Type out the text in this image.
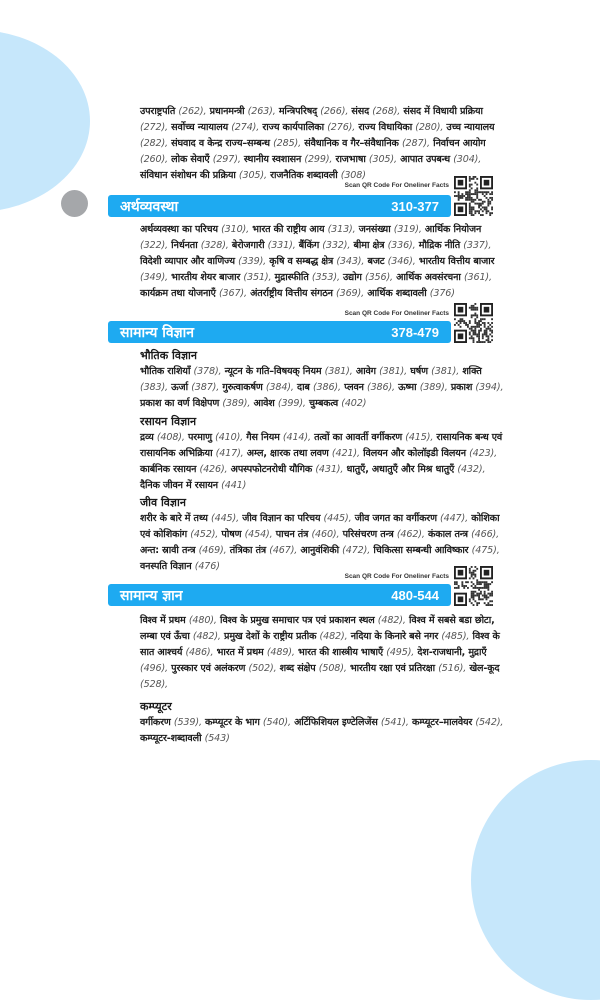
उपराष्ट्रपति (262), प्रधानमन्त्री (263), मन्त्रिपरिषद् (266), संसद (268), संसद में विधायी प्रक्रिया (272), सर्वोच्च न्यायालय (274), राज्य कार्यपालिका (276), राज्य विधायिका (280), उच्च न्यायालय (282), संघवाद व केन्द्र राज्य–सम्बन्ध (285), संवैधानिक व गैर–संवैधानिक (287), निर्वाचन आयोग (260), लोक सेवाएँ (297), स्थानीय स्वशासन (299), राजभाषा (305), आपात उपबन्ध (304), संविधान संशोधन की प्रक्रिया (305), राजनैतिक शब्दावली (308)
Scan QR Code For Oneliner Facts
अर्थव्यवस्था	310-377
अर्थव्यवस्था का परिचय (310), भारत की राष्ट्रीय आय (313), जनसंख्या (319), आर्थिक नियोजन (322), निर्धनता (328), बेरोजगारी (331), बैंकिंग (332), बीमा क्षेत्र (336), मौद्रिक नीति (337), विदेशी व्यापार और वाणिज्य (339), कृषि व सम्बद्ध क्षेत्र (343), बजट (346), भारतीय वित्तीय बाजार (349), भारतीय शेयर बाजार (351), मुद्रास्फीति (353), उद्योग (356), आर्थिक अवसंरचना (361), कार्यक्रम तथा योजनाएँ (367), अंतर्राष्ट्रीय वित्तीय संगठन (369), आर्थिक शब्दावली (376)
Scan QR Code For Oneliner Facts
सामान्य विज्ञान	378-479
भौतिक विज्ञान
भौतिक राशियाँ (378), न्यूटन के गति–विषयक् नियम (381), आवेग (381), घर्षण (381), शक्ति (383), ऊर्जा (387), गुरुत्वाकर्षण (384), दाब (386), प्लवन (386), ऊष्मा (389), प्रकाश (394), प्रकाश का वर्ण विक्षेपण (389), आवेश (399), चुम्बकत्व (402)
रसायन विज्ञान
द्रव्य (408), परमाणु (410), गैस नियम (414), तत्वों का आवर्ती वर्गीकरण (415), रासायनिक बन्ध एवं रासायनिक अभिक्रिया (417), अम्ल, क्षारक तथा लवण (421), विलयन और कोलॉइडी विलयन (423), कार्बनिक रसायन (426), अपस्पफोटनरोधी यौगिक (431), धातुएँ, अधातुएँ और मिश्र धातुएँ (432), दैनिक जीवन में रसायन (441)
जीव विज्ञान
शरीर के बारे में तथ्य (445), जीव विज्ञान का परिचय (445), जीव जगत का वर्गीकरण (447), कोशिका एवं कोशिकांग (452), पोषण (454), पाचन तंत्र (460), परिसंचरण तन्त्र (462), कंकाल तन्त्र (466), अन्त: स्रावी तन्त्र (469), तंत्रिका तंत्र (467), आनुवंशिकी (472), चिकित्सा सम्बन्धी आविष्कार (475), वनस्पति विज्ञान (476)
Scan QR Code For Oneliner Facts
सामान्य ज्ञान	480-544
विश्व में प्रथम (480), विश्व के प्रमुख समाचार पत्र एवं प्रकाशन स्थल (482), विश्व में सबसे बडा छोटा, लम्बा एवं ऊँचा (482), प्रमुख देशों के राष्ट्रीय प्रतीक (482), नदिया के किनारे बसे नगर (485), विश्व के सात आश्चर्य (486), भारत में प्रथम (489), भारत की शास्त्रीय भाषाएँ (495), देश-राजधानी, मुद्राएँ (496), पुरस्कार एवं अलंकरण (502), शब्द संक्षेप (508), भारतीय रक्षा एवं प्रतिरक्षा (516), खेल-कूद (528),
कम्प्यूटर
वर्गीकरण (539), कम्प्यूटर के भाग (540), अर्टिफिशियल इण्टेलिजेंस (541), कम्प्यूटर–मालवेयर (542), कम्प्यूटर-शब्दावली (543)
